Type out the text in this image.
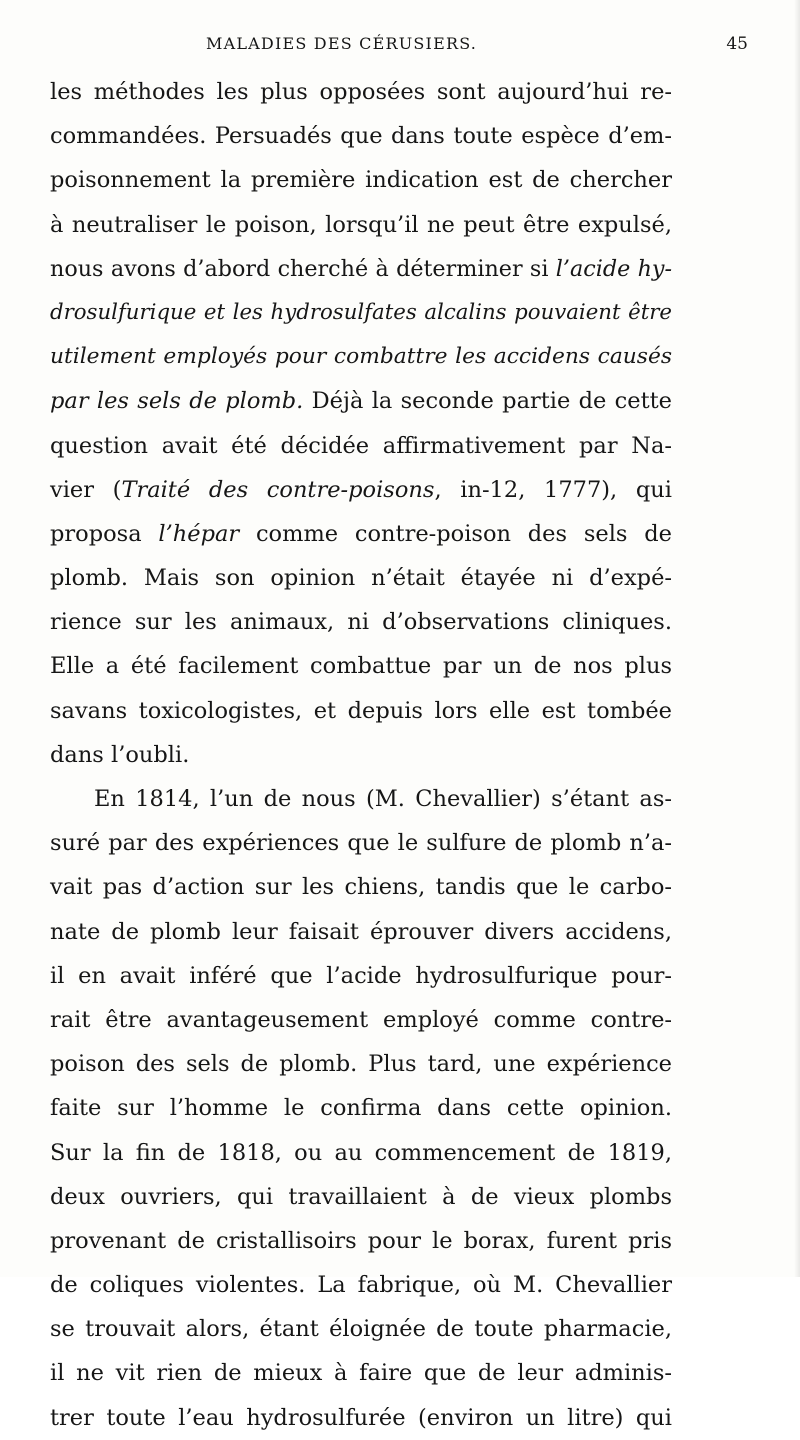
MALADIES DES CÉRUSIERS.	45
les méthodes les plus opposées sont aujourd’hui re-
commandées. Persuadés que dans toute espèce d’em-
poisonnement la première indication est de chercher
à neutraliser le poison, lorsqu’il ne peut être expulsé,
nous avons d’abord cherché à déterminer si l’acide hy-
drosulfurique et les hydrosulfates alcalins pouvaient être
utilement employés pour combattre les accidens causés
par les sels de plomb. Déjà la seconde partie de cette
question avait été décidée affirmativement par Na-
vier (Traité des contre-poisons, in-12, 1777), qui
proposa l’hépar comme contre-poison des sels de
plomb. Mais son opinion n’était étayée ni d’expé-
rience sur les animaux, ni d’observations cliniques.
Elle a été facilement combattue par un de nos plus
savans toxicologistes, et depuis lors elle est tombée
dans l’oubli.
En 1814, l’un de nous (M. Chevallier) s’étant as-
suré par des expériences que le sulfure de plomb n’a-
vait pas d’action sur les chiens, tandis que le carbo-
nate de plomb leur faisait éprouver divers accidens,
il en avait inféré que l’acide hydrosulfurique pour-
rait être avantageusement employé comme contre-
poison des sels de plomb. Plus tard, une expérience
faite sur l’homme le confirma dans cette opinion.
Sur la fin de 1818, ou au commencement de 1819,
deux ouvriers, qui travaillaient à de vieux plombs
provenant de cristallisoirs pour le borax, furent pris
de coliques violentes. La fabrique, où M. Chevallier
se trouvait alors, étant éloignée de toute pharmacie,
il ne vit rien de mieux à faire que de leur adminis-
trer toute l’eau hydrosulfurée (environ un litre) qui
